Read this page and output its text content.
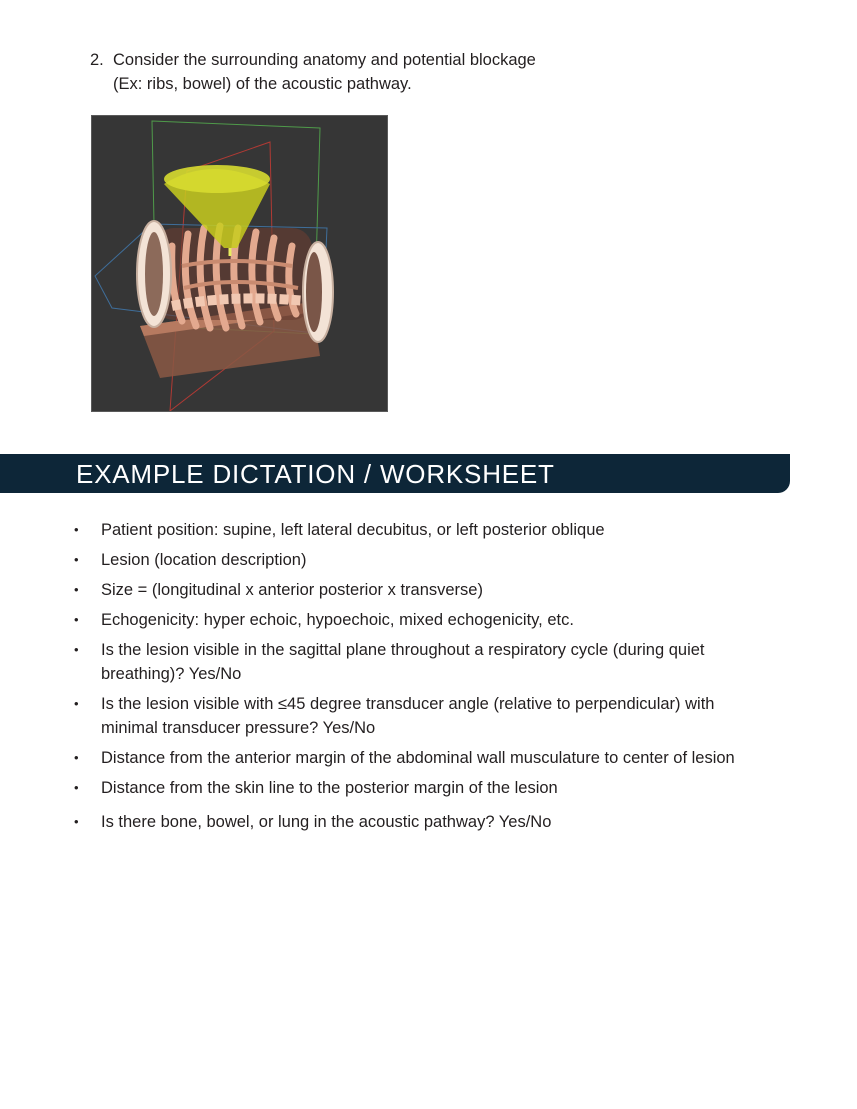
2. Consider the surrounding anatomy and potential blockage
(Ex: ribs, bowel) of the acoustic pathway.
EXAMPLE DICTATION / WORKSHEET
• Patient position: supine, left lateral decubitus, or left posterior oblique
• Lesion (location description)
• Size = (longitudinal x anterior posterior x transverse)
• Echogenicity: hyper echoic, hypoechoic, mixed echogenicity, etc.
• Is the lesion visible in the sagittal plane throughout a respiratory cycle (during quiet breathing)? Yes/No
• Is the lesion visible with ≤45 degree transducer angle (relative to perpendicular) with minimal transducer pressure? Yes/No
• Distance from the anterior margin of the abdominal wall musculature to center of lesion
• Distance from the skin line to the posterior margin of the lesion
• Is there bone, bowel, or lung in the acoustic pathway? Yes/No
